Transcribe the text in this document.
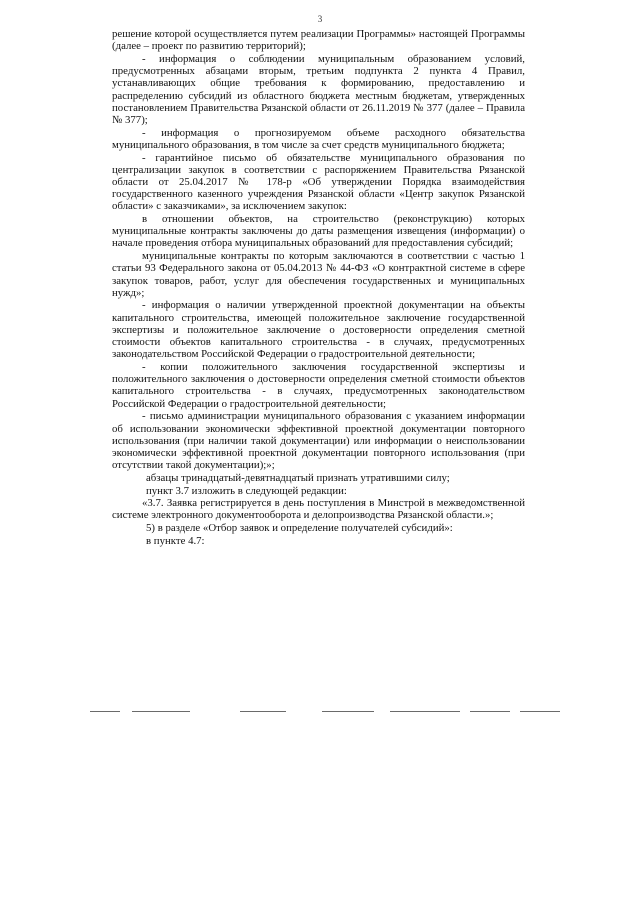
3

решение которой осуществляется путем реализации Программы» настоящей Программы (далее – проект по развитию территорий);

- информация о соблюдении муниципальным образованием условий, предусмотренных абзацами вторым, третьим подпункта 2 пункта 4 Правил, устанавливающих общие требования к формированию, предоставлению и распределению субсидий из областного бюджета местным бюджетам, утвержденных постановлением Правительства Рязанской области от 26.11.2019 № 377 (далее – Правила № 377);

- информация о прогнозируемом объеме расходного обязательства муниципального образования, в том числе за счет средств муниципального бюджета;

- гарантийное письмо об обязательстве муниципального образования по централизации закупок в соответствии с распоряжением Правительства Рязанской области от 25.04.2017 № 178-р «Об утверждении Порядка взаимодействия государственного казенного учреждения Рязанской области «Центр закупок Рязанской области» с заказчиками», за исключением закупок:

в отношении объектов, на строительство (реконструкцию) которых муниципальные контракты заключены до даты размещения извещения (информации) о начале проведения отбора муниципальных образований для предоставления субсидий;

муниципальные контракты по которым заключаются в соответствии с частью 1 статьи 93 Федерального закона от 05.04.2013 № 44-ФЗ «О контрактной системе в сфере закупок товаров, работ, услуг для обеспечения государственных и муниципальных нужд»;

- информация о наличии утвержденной проектной документации на объекты капитального строительства, имеющей положительное заключение государственной экспертизы и положительное заключение о достоверности определения сметной стоимости объектов капитального строительства - в случаях, предусмотренных законодательством Российской Федерации о градостроительной деятельности;

- копии положительного заключения государственной экспертизы и положительного заключения о достоверности определения сметной стоимости объектов капитального строительства - в случаях, предусмотренных законодательством Российской Федерации о градостроительной деятельности;

- письмо администрации муниципального образования с указанием информации об использовании экономически эффективной проектной документации повторного использования (при наличии такой документации) или информации о неиспользовании экономически эффективной проектной документации повторного использования (при отсутствии такой документации);»;

абзацы тринадцатый-девятнадцатый признать утратившими силу;

пункт 3.7 изложить в следующей редакции:

«3.7. Заявка регистрируется в день поступления в Минстрой в межведомственной системе электронного документооборота и делопроизводства Рязанской области.»;

5) в разделе «Отбор заявок и определение получателей субсидий»:

в пункте 4.7:
